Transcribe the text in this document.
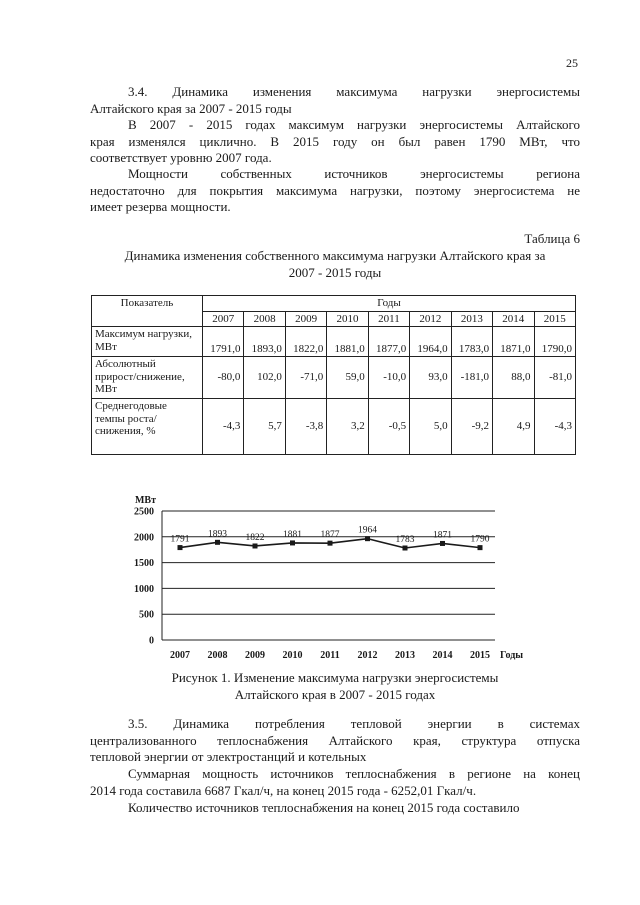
25
3.4. Динамика изменения максимума нагрузки энергосистемы
Алтайского края за 2007 - 2015 годы
В 2007 - 2015 годах максимум нагрузки энергосистемы Алтайского
края изменялся циклично. В 2015 году он был равен 1790 МВт, что
соответствует уровню 2007 года.
Мощности собственных источников энергосистемы региона
недостаточно для покрытия максимума нагрузки, поэтому энергосистема не
имеет резерва мощности.
Таблица 6
Динамика изменения собственного максимума нагрузки Алтайского края за
2007 - 2015 годы
Показатель	Годы								
	2007	2008	2009	2010	2011	2012	2013	2014	2015
Максимум нагрузки, МВт	1791,0	1893,0	1822,0	1881,0	1877,0	1964,0	1783,0	1871,0	1790,0
Абсолютный прирост/снижение, МВт	-80,0	102,0	-71,0	59,0	-10,0	93,0	-181,0	88,0	-81,0
Среднегодовые темпы роста/снижения, %	-4,3	5,7	-3,8	3,2	-0,5	5,0	-9,2	4,9	-4,3
0
500
1000
1500
2000
2500
МВт
2007 2008 2009 2010 2011 2012 2013 2014 2015 Годы
1791
1893 1822 1881 1877 1964
1783 1871 1790
Рисунок 1. Изменение максимума нагрузки энергосистемы
Алтайского края в 2007 - 2015 годах
3.5. Динамика потребления тепловой энергии в системах
централизованного теплоснабжения Алтайского края, структура отпуска
тепловой энергии от электростанций и котельных
Суммарная мощность источников теплоснабжения в регионе на конец
2014 года составила 6687 Гкал/ч, на конец 2015 года - 6252,01 Гкал/ч.
Количество источников теплоснабжения на конец 2015 года составило
